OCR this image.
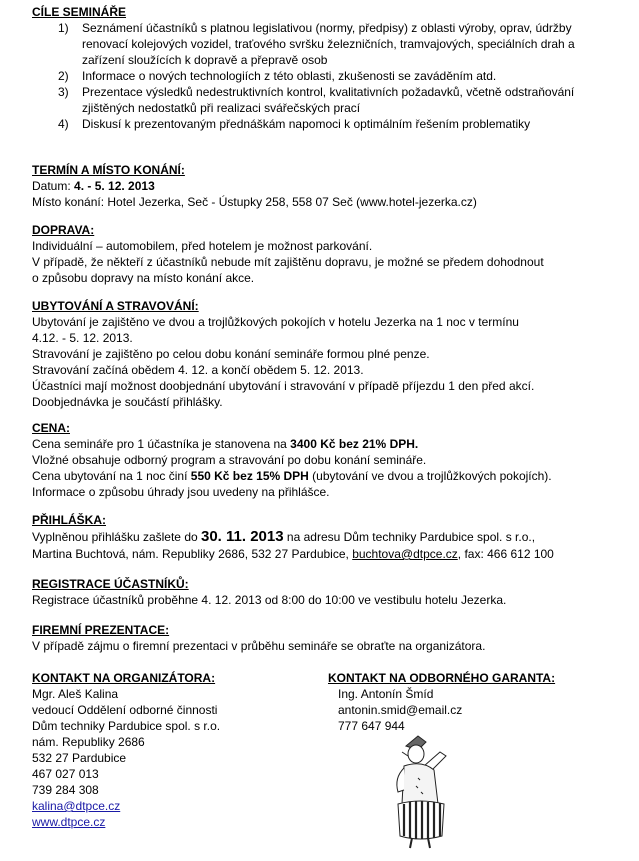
CÍLE SEMINÁŘE
1) Seznámení účastníků s platnou legislativou (normy, předpisy) z oblasti výroby, oprav, údržby
renovací kolejových vozidel, traťového svršku železničních, tramvajových, speciálních drah a
zařízení sloužících k dopravě a přepravě osob
2) Informace o nových technologiích z této oblasti, zkušenosti se zaváděním atd.
3) Prezentace výsledků nedestruktivních kontrol, kvalitativních požadavků, včetně odstraňování
zjištěných nedostatků při realizaci svářečských prací
4) Diskusí k prezentovaným přednáškám napomoci k optimálním řešením problematiky
TERMÍN A MÍSTO KONÁNÍ:
Datum: 4. - 5. 12. 2013
Místo konání: Hotel Jezerka, Seč - Ústupky 258, 558 07 Seč (www.hotel-jezerka.cz)
DOPRAVA:
Individuální – automobilem, před hotelem je možnost parkování.
V případě, že někteří z účastníků nebude mít zajištěnu dopravu, je možné se předem dohodnout
o způsobu dopravy na místo konání akce.
UBYTOVÁNÍ A STRAVOVÁNÍ:
Ubytování je zajištěno ve dvou a trojlůžkových pokojích v hotelu Jezerka na 1 noc v termínu
4.12. - 5. 12. 2013.
Stravování je zajištěno po celou dobu konání semináře formou plné penze.
Stravování začíná obědem 4. 12. a končí obědem 5. 12. 2013.
Účastníci mají možnost doobjednání ubytování i stravování v případě příjezdu 1 den před akcí.
Doobjednávka je součástí přihlášky.
CENA:
Cena semináře pro 1 účastníka je stanovena na 3400 Kč bez 21% DPH.
Vložné obsahuje odborný program a stravování po dobu konání semináře.
Cena ubytování na 1 noc činí 550 Kč bez 15% DPH (ubytování ve dvou a trojlůžkových pokojích).
Informace o způsobu úhrady jsou uvedeny na přihlášce.
PŘIHLÁŠKA:
Vyplněnou přihlášku zašlete do 30. 11. 2013 na adresu Dům techniky Pardubice spol. s r.o.,
Martina Buchtová, nám. Republiky 2686, 532 27 Pardubice, buchtova@dtpce.cz, fax: 466 612 100
REGISTRACE ÚČASTNÍKŮ:
Registrace účastníků proběhne 4. 12. 2013 od 8:00 do 10:00 ve vestibulu hotelu Jezerka.
FIREMNÍ PREZENTACE:
V případě zájmu o firemní prezentaci v průběhu semináře se obraťte na organizátora.
KONTAKT NA ORGANIZÁTORA:
Mgr. Aleš Kalina
vedoucí Oddělení odborné činnosti
Dům techniky Pardubice spol. s r.o.
nám. Republiky 2686
532 27 Pardubice
467 027 013
739 284 308
kalina@dtpce.cz
www.dtpce.cz
KONTAKT NA ODBORNÉHO GARANTA:
Ing. Antonín Šmíd
antonin.smid@email.cz
777 647 944
